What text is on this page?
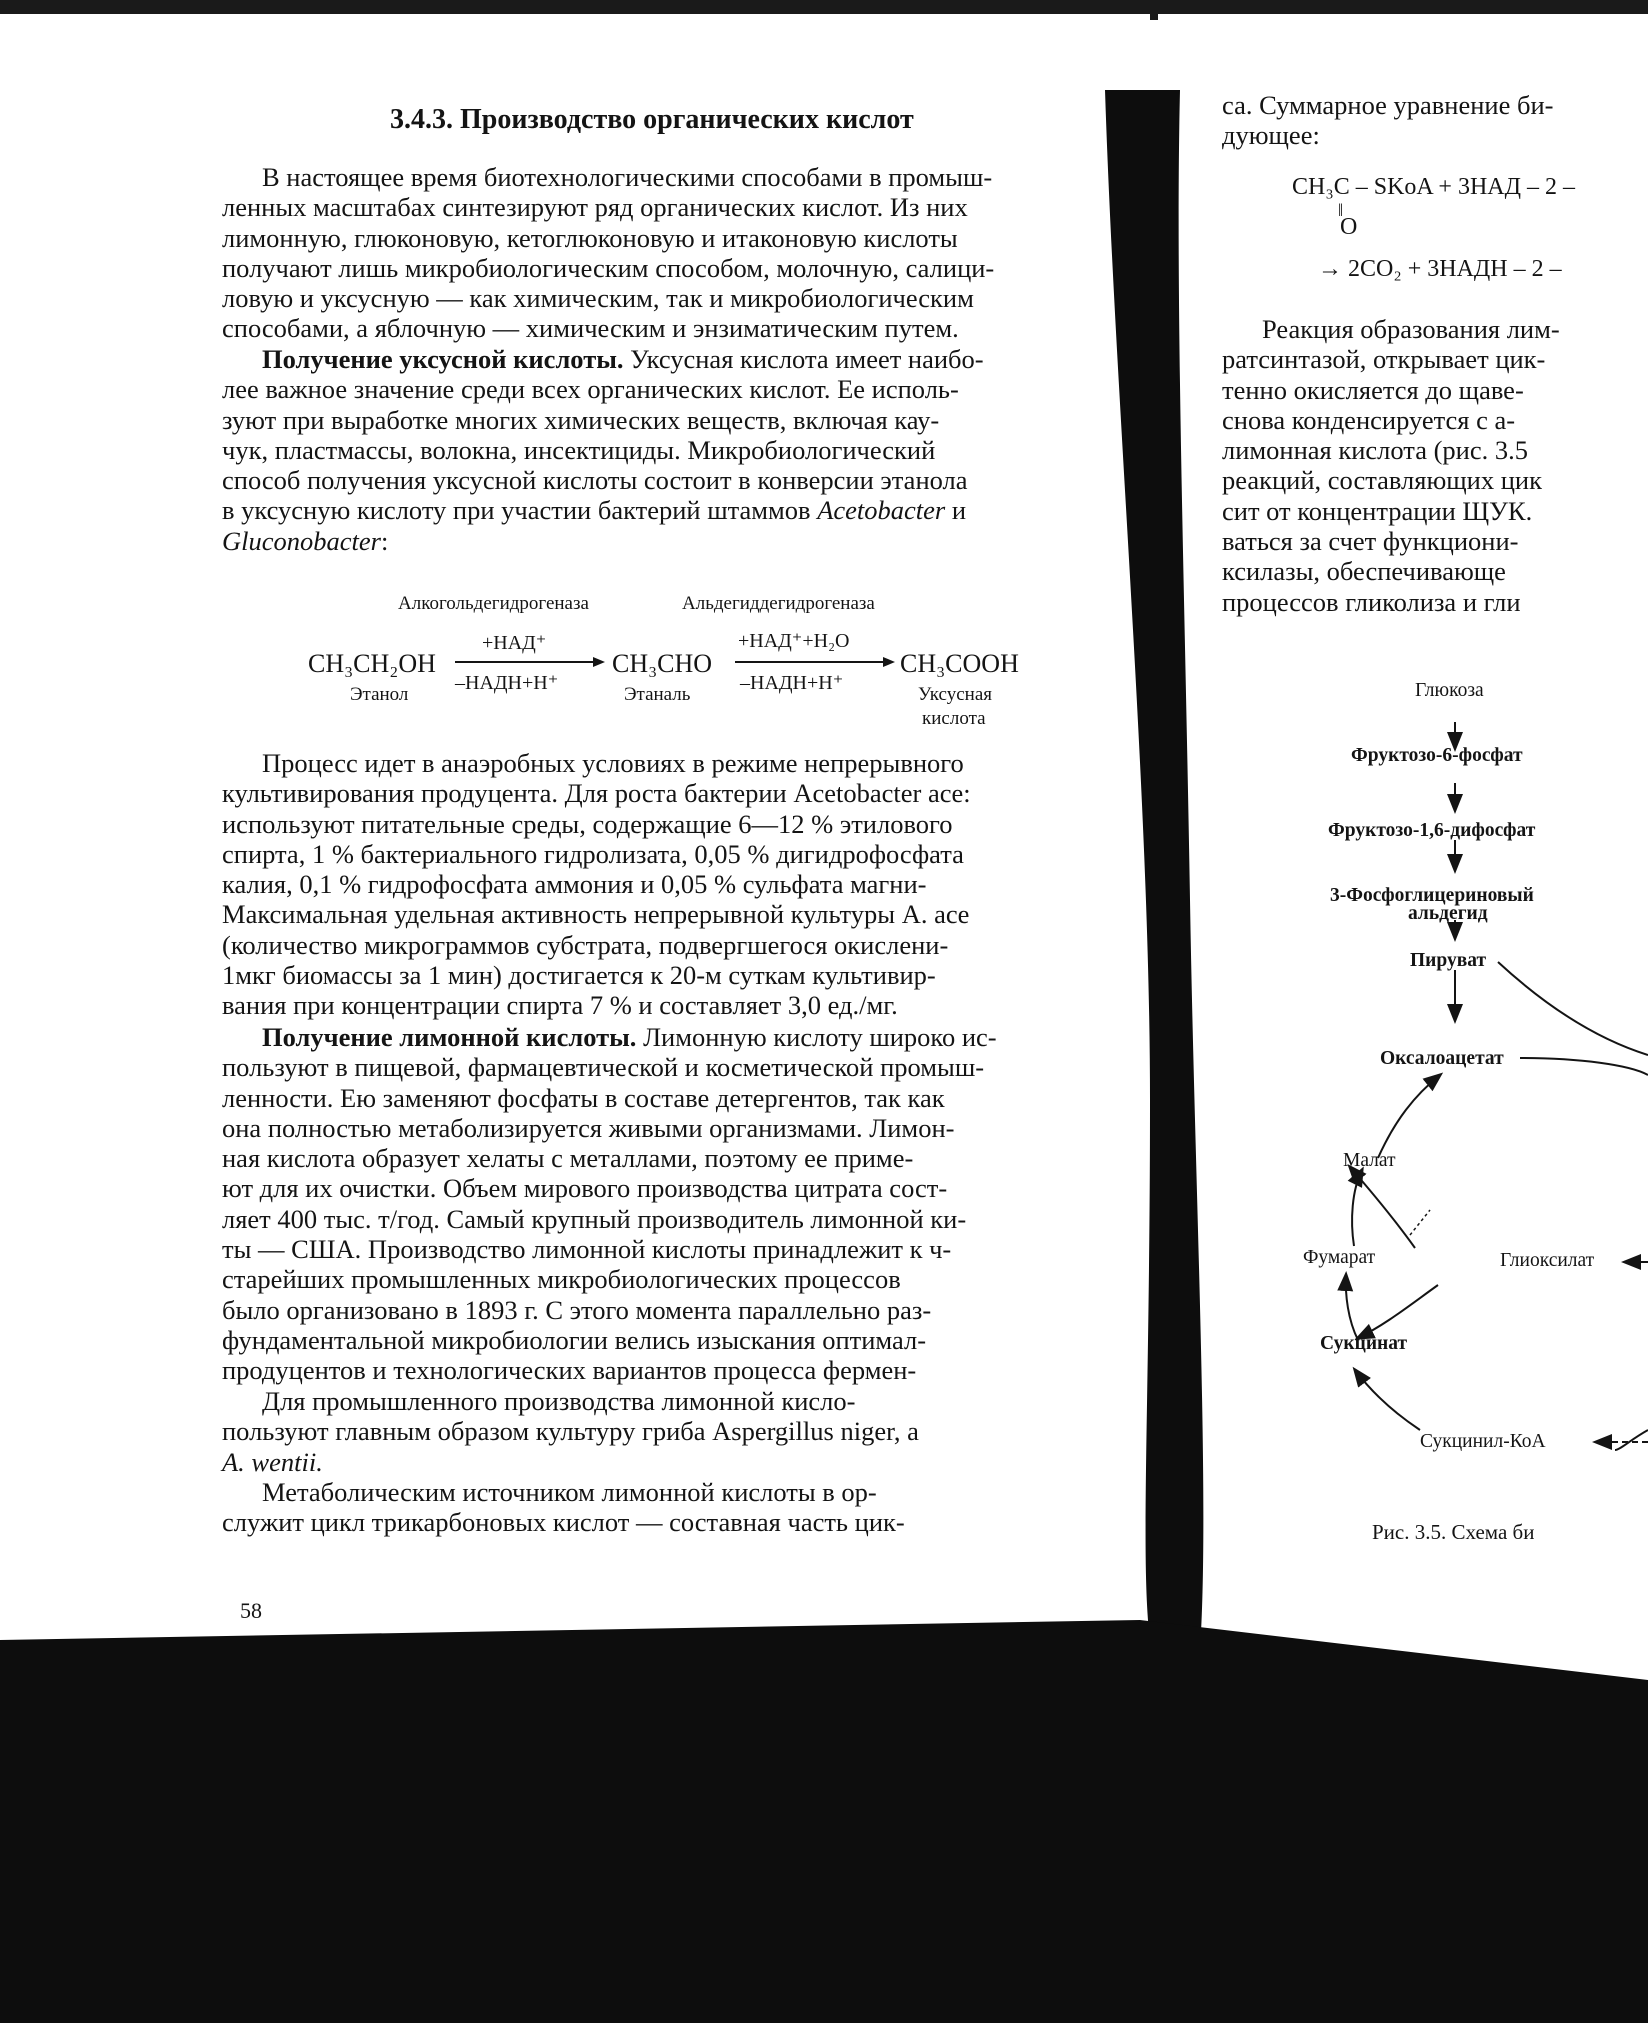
3.4.3. Производство органических кислот
В настоящее время биотехнологическими способами в промыш-
ленных масштабах синтезируют ряд органических кислот. Из них
лимонную, глюконовую, кетоглюконовую и итаконовую кислоты
получают лишь микробиологическим способом, молочную, салици-
ловую и уксусную — как химическим, так и микробиологическим
способами, а яблочную — химическим и энзиматическим путем.
Получение уксусной кислоты. Уксусная кислота имеет наибо-
лее важное значение среди всех органических кислот. Ее исполь-
зуют при выработке многих химических веществ, включая кау-
чук, пластмассы, волокна, инсектициды. Микробиологический
способ получения уксусной кислоты состоит в конверсии этанола
в уксусную кислоту при участии бактерий штаммов Acetobacter и
Gluconobacter:
Алкогольдегидрогеназа	Альдегиддегидрогеназа
CH₃CH₂OH
Этанол
+НАД⁺
–НАДН+Н⁺
CH₃CHO
Этаналь
+НАД⁺+H₂O
–НАДН+Н⁺
CH₃COOH
Уксусная
кислота
Процесс идет в анаэробных условиях в режиме непрерывного
культивирования продуцента. Для роста бактерии Acetobacter ace:
используют питательные среды, содержащие 6—12 % этилового
спирта, 1 % бактериального гидролизата, 0,05 % дигидрофосфата
калия, 0,1 % гидрофосфата аммония и 0,05 % сульфата магни-
Максимальная удельная активность непрерывной культуры A. ace
(количество микрограммов субстрата, подвергшегося окислени-
1мкг биомассы за 1 мин) достигается к 20-м суткам культивир-
вания при концентрации спирта 7 % и составляет 3,0 ед./мг.
Получение лимонной кислоты. Лимонную кислоту широко ис-
пользуют в пищевой, фармацевтической и косметической промыш-
ленности. Ею заменяют фосфаты в составе детергентов, так как
она полностью метаболизируется живыми организмами. Лимон-
ная кислота образует хелаты с металлами, поэтому ее приме-
ют для их очистки. Объем мирового производства цитрата сост-
ляет 400 тыс. т/год. Самый крупный производитель лимонной ки-
ты — США. Производство лимонной кислоты принадлежит к ч-
старейших промышленных микробиологических процессов
было организовано в 1893 г. С этого момента параллельно раз-
фундаментальной микробиологии велись изыскания оптимал-
продуцентов и технологических вариантов процесса фермен-
Для промышленного производства лимонной кисло-
пользуют главным образом культуру гриба Aspergillus niger, а
A. wentii.
Метаболическим источником лимонной кислоты в ор-
служит цикл трикарбоновых кислот — составная часть цик-
58
са. Суммарное уравнение би-
дующее:
CH₃C – SKoA + 3НАД – 2 –
‖
O
→ 2CO₂ + 3НАДН – 2 –
Реакция образования лим-
ратсинтазой, открывает цик-
тенно окисляется до щаве-
снова конденсируется с а-
лимонная кислота (рис. 3.5
реакций, составляющих цик
сит от концентрации ЩУК.
ваться за счет функциони-
ксилазы, обеспечивающе
процессов гликолиза и гли
Глюкоза
Фруктозо-6-фосфат
Фруктозо-1,6-дифосфат
3-Фосфоглицериновый
альдегид
Пируват
Оксалоацетат
Малат
Фумарат	Глиоксилат
Сукцинат
Сукцинил-КоА
Рис. 3.5. Схема би
